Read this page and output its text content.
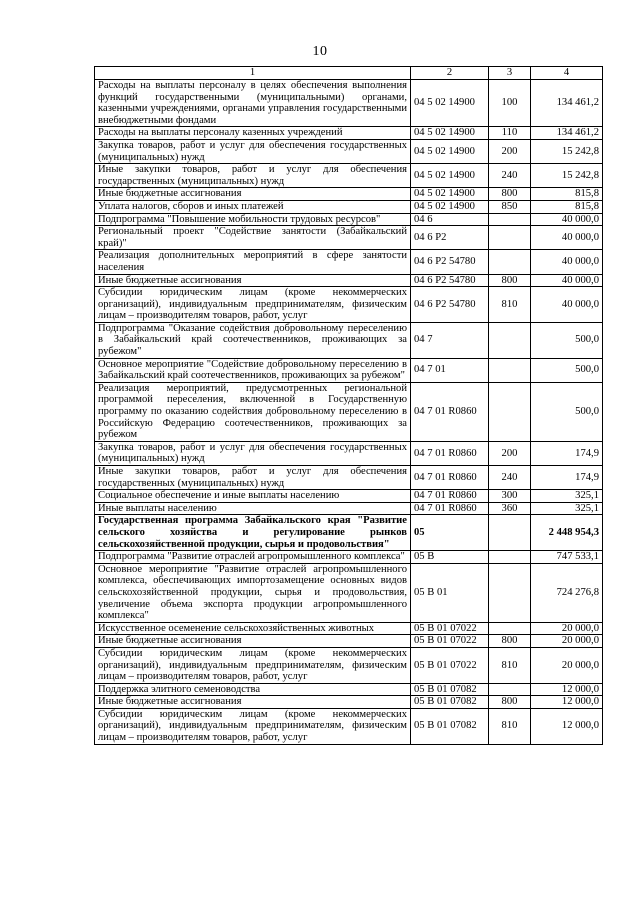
10
1	2	3	4
Расходы на выплаты персоналу в целях обеспечения выполнения функций государственными (муниципальными) органами, казенными учреждениями, органами управления государственными внебюджетными фондами	04 5 02 14900	100	134 461,2
Расходы на выплаты персоналу казенных учреждений	04 5 02 14900	110	134 461,2
Закупка товаров, работ и услуг для обеспечения государственных (муниципальных) нужд	04 5 02 14900	200	15 242,8
Иные закупки товаров, работ и услуг для обеспечения государственных (муниципальных) нужд	04 5 02 14900	240	15 242,8
Иные бюджетные ассигнования	04 5 02 14900	800	815,8
Уплата налогов, сборов и иных платежей	04 5 02 14900	850	815,8
Подпрограмма "Повышение мобильности трудовых ресурсов"	04 6		40 000,0
Региональный проект "Содействие занятости (Забайкальский край)"	04 6 P2		40 000,0
Реализация дополнительных мероприятий в сфере занятости населения	04 6 P2 54780		40 000,0
Иные бюджетные ассигнования	04 6 P2 54780	800	40 000,0
Субсидии юридическим лицам (кроме некоммерческих организаций), индивидуальным предпринимателям, физическим лицам – производителям товаров, работ, услуг	04 6 P2 54780	810	40 000,0
Подпрограмма "Оказание содействия добровольному переселению в Забайкальский край соотечественников, проживающих за рубежом"	04 7		500,0
Основное мероприятие "Содействие добровольному переселению в Забайкальский край соотечественников, проживающих за рубежом"	04 7 01		500,0
Реализация мероприятий, предусмотренных региональной программой переселения, включенной в Государственную программу по оказанию содействия добровольному переселению в Российскую Федерацию соотечественников, проживающих за рубежом	04 7 01 R0860		500,0
Закупка товаров, работ и услуг для обеспечения государственных (муниципальных) нужд	04 7 01 R0860	200	174,9
Иные закупки товаров, работ и услуг для обеспечения государственных (муниципальных) нужд	04 7 01 R0860	240	174,9
Социальное обеспечение и иные выплаты населению	04 7 01 R0860	300	325,1
Иные выплаты населению	04 7 01 R0860	360	325,1
Государственная программа Забайкальского края "Развитие сельского хозяйства и регулирование рынков сельскохозяйственной продукции, сырья и продовольствия"	05		2 448 954,3
Подпрограмма "Развитие отраслей агропромышленного комплекса"	05 В		747 533,1
Основное мероприятие "Развитие отраслей агропромышленного комплекса, обеспечивающих импортозамещение основных видов сельскохозяйственной продукции, сырья и продовольствия, увеличение объема экспорта продукции агропромышленного комплекса"	05 В 01		724 276,8
Искусственное осеменение сельскохозяйственных животных	05 В 01 07022		20 000,0
Иные бюджетные ассигнования	05 В 01 07022	800	20 000,0
Субсидии юридическим лицам (кроме некоммерческих организаций), индивидуальным предпринимателям, физическим лицам – производителям товаров, работ, услуг	05 В 01 07022	810	20 000,0
Поддержка элитного семеноводства	05 В 01 07082		12 000,0
Иные бюджетные ассигнования	05 В 01 07082	800	12 000,0
Субсидии юридическим лицам (кроме некоммерческих организаций), индивидуальным предпринимателям, физическим лицам – производителям товаров, работ, услуг	05 В 01 07082	810	12 000,0
